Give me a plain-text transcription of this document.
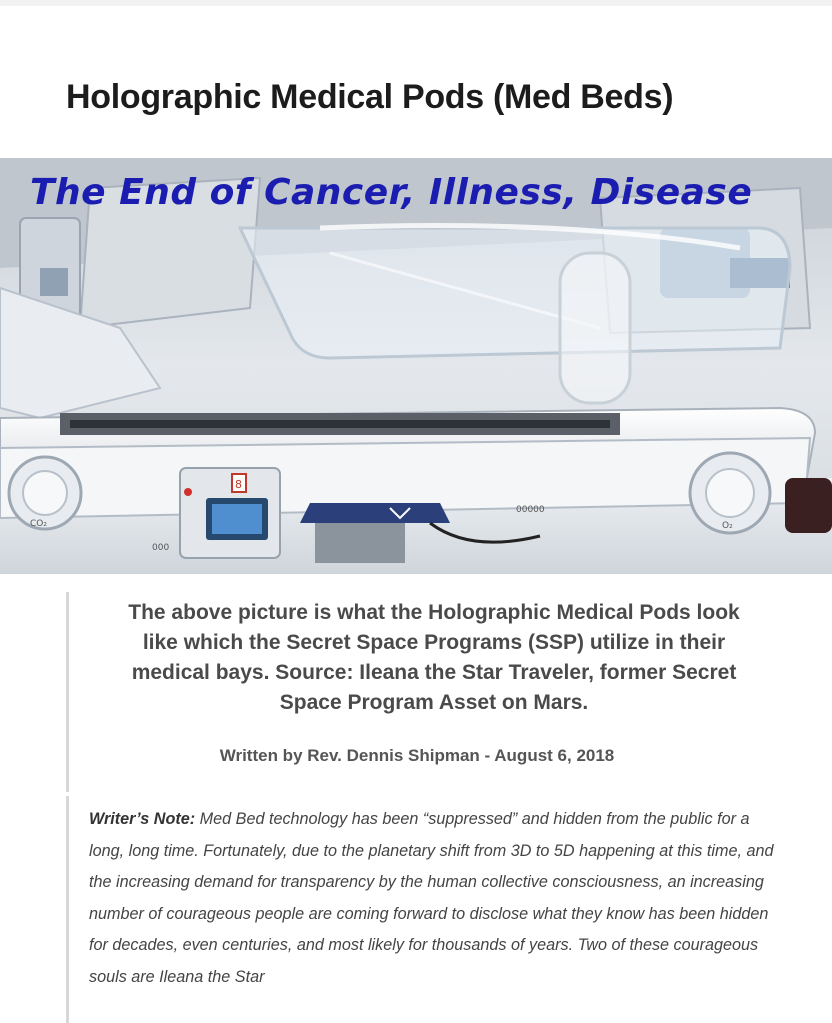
Holographic Medical Pods (Med Beds)
CO₂	O₂
8
000
00000
The End of Cancer, Illness, Disease
The above picture is what the Holographic Medical Pods look like which the Secret Space Programs (SSP) utilize in their medical bays. Source: Ileana the Star Traveler, former Secret Space Program Asset on Mars.
Written by Rev. Dennis Shipman - August 6, 2018
Writer’s Note: Med Bed technology has been “suppressed” and hidden from the public for a long, long time. Fortunately, due to the planetary shift from 3D to 5D happening at this time, and the increasing demand for transparency by the human collective consciousness, an increasing number of courageous people are coming forward to disclose what they know has been hidden for decades, even centuries, and most likely for thousands of years. Two of these courageous souls are Ileana the Star
